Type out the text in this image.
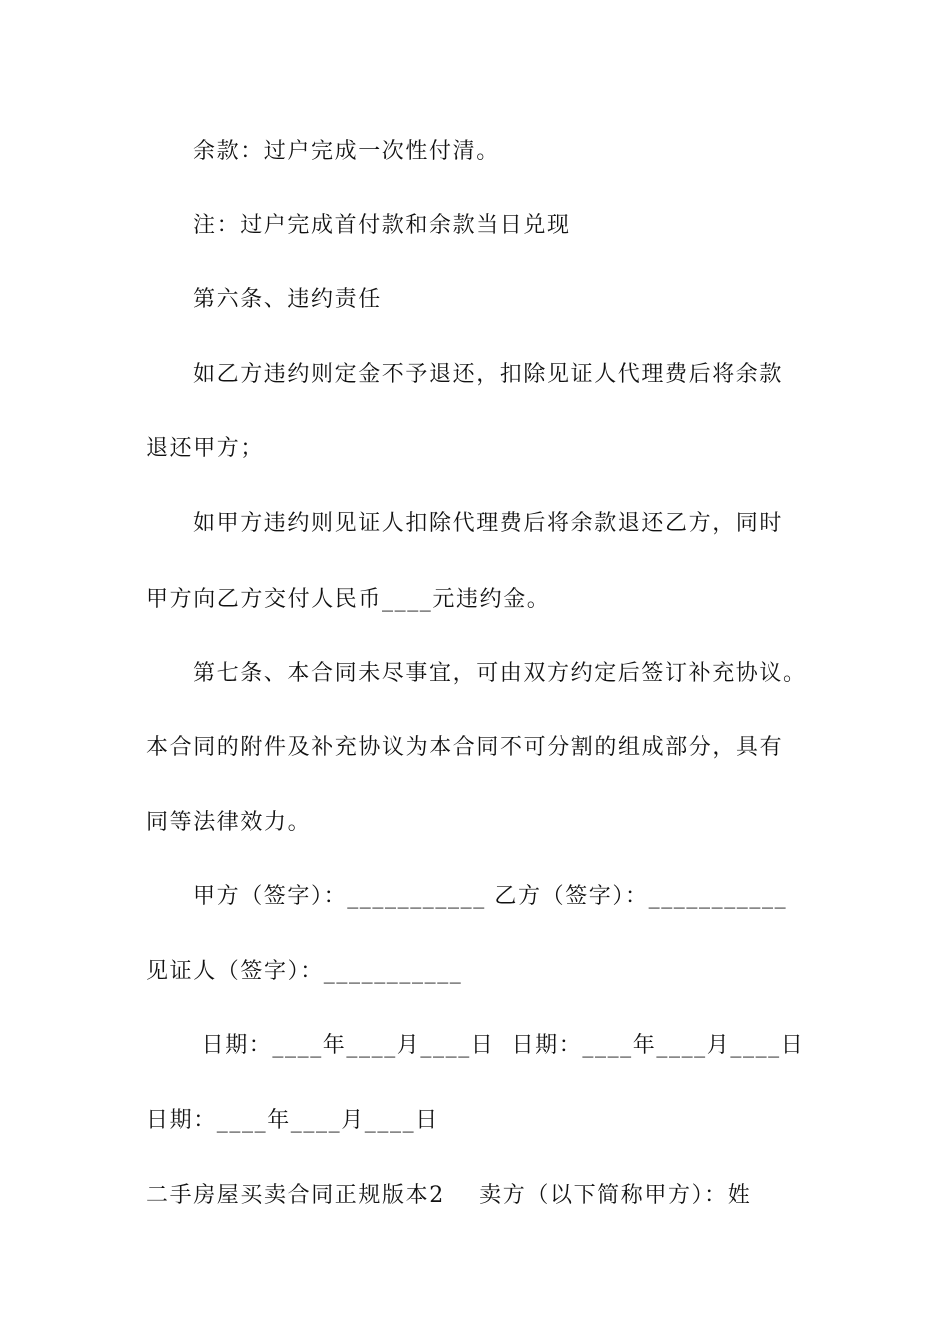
余款：过户完成一次性付清。
注：过户完成首付款和余款当日兑现
第六条、违约责任
如乙方违约则定金不予退还，扣除见证人代理费后将余款
退还甲方；
如甲方违约则见证人扣除代理费后将余款退还乙方，同时
甲方向乙方交付人民币____元违约金。
第七条、本合同未尽事宜，可由双方约定后签订补充协议。
本合同的附件及补充协议为本合同不可分割的组成部分，具有
同等法律效力。
甲方（签字）：___________ 乙方（签字）：___________
见证人（签字）：___________
日期：____年____月____日  日期：____年____月____日
日期：____年____月____日
二手房屋买卖合同正规版本2    卖方（以下简称甲方）：姓
